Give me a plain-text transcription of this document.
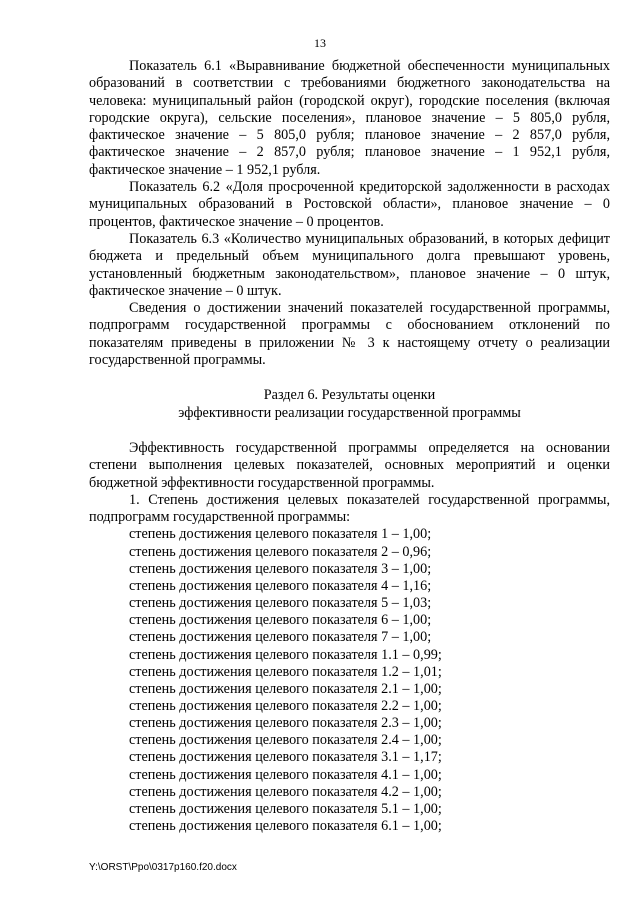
13

Показатель 6.1 «Выравнивание бюджетной обеспеченности муниципальных образований в соответствии с требованиями бюджетного законодательства на человека: муниципальный район (городской округ), городские поселения (включая городские округа), сельские поселения», плановое значение – 5 805,0 рубля, фактическое значение – 5 805,0 рубля; плановое значение – 2 857,0 рубля, фактическое значение – 2 857,0 рубля; плановое значение – 1 952,1 рубля, фактическое значение – 1 952,1 рубля.

Показатель 6.2 «Доля просроченной кредиторской задолженности в расходах муниципальных образований в Ростовской области», плановое значение – 0 процентов, фактическое значение – 0 процентов.

Показатель 6.3 «Количество муниципальных образований, в которых дефицит бюджета и предельный объем муниципального долга превышают уровень, установленный бюджетным законодательством», плановое значение – 0 штук, фактическое значение – 0 штук.

Сведения о достижении значений показателей государственной программы, подпрограмм государственной программы с обоснованием отклонений по показателям приведены в приложении № 3 к настоящему отчету о реализации государственной программы.

Раздел 6. Результаты оценки
эффективности реализации государственной программы

Эффективность государственной программы определяется на основании степени выполнения целевых показателей, основных мероприятий и оценки бюджетной эффективности государственной программы.

1. Степень достижения целевых показателей государственной программы, подпрограмм государственной программы:

степень достижения целевого показателя 1 – 1,00;
степень достижения целевого показателя 2 – 0,96;
степень достижения целевого показателя 3 – 1,00;
степень достижения целевого показателя 4 – 1,16;
степень достижения целевого показателя 5 – 1,03;
степень достижения целевого показателя 6 – 1,00;
степень достижения целевого показателя 7 – 1,00;
степень достижения целевого показателя 1.1 – 0,99;
степень достижения целевого показателя 1.2 – 1,01;
степень достижения целевого показателя 2.1 – 1,00;
степень достижения целевого показателя 2.2 – 1,00;
степень достижения целевого показателя 2.3 – 1,00;
степень достижения целевого показателя 2.4 – 1,00;
степень достижения целевого показателя 3.1 – 1,17;
степень достижения целевого показателя 4.1 – 1,00;
степень достижения целевого показателя 4.2 – 1,00;
степень достижения целевого показателя 5.1 – 1,00;
степень достижения целевого показателя 6.1 – 1,00;
Y:\ORST\Ppo\0317p160.f20.docx
